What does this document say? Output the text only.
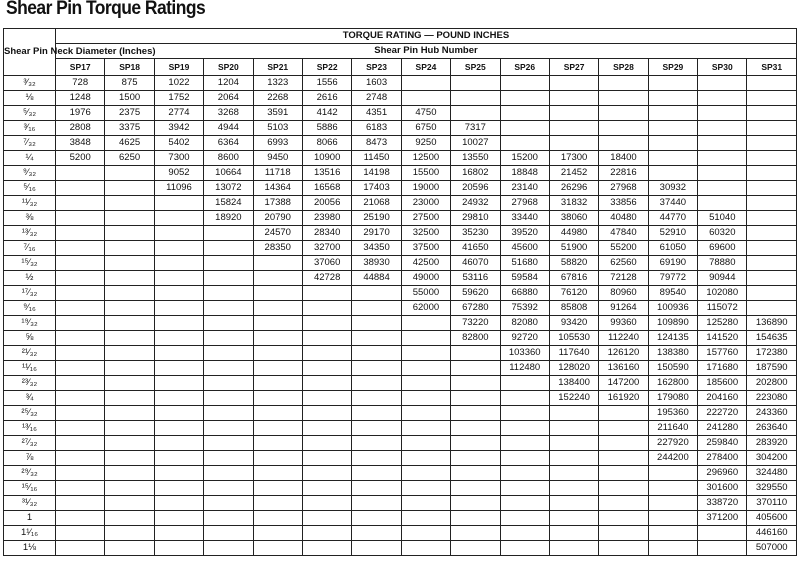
Shear Pin Torque Ratings
Shear Pin Neck Diameter (Inches)	TORQUE RATING — POUND INCHES														
	Shear Pin Hub Number														
	SP17	SP18	SP19	SP20	SP21	SP22	SP23	SP24	SP25	SP26	SP27	SP28	SP29	SP30	SP31
³⁄₃₂	728	875	1022	1204	1323	1556	1603								
⅛	1248	1500	1752	2064	2268	2616	2748								
⁵⁄₃₂	1976	2375	2774	3268	3591	4142	4351	4750							
³⁄₁₆	2808	3375	3942	4944	5103	5886	6183	6750	7317						
⁷⁄₃₂	3848	4625	5402	6364	6993	8066	8473	9250	10027						
¼	5200	6250	7300	8600	9450	10900	11450	12500	13550	15200	17300	18400			
⁹⁄₃₂			9052	10664	11718	13516	14198	15500	16802	18848	21452	22816			
⁵⁄₁₆			11096	13072	14364	16568	17403	19000	20596	23140	26296	27968	30932		
¹¹⁄₃₂				15824	17388	20056	21068	23000	24932	27968	31832	33856	37440		
⅜				18920	20790	23980	25190	27500	29810	33440	38060	40480	44770	51040	
¹³⁄₃₂					24570	28340	29170	32500	35230	39520	44980	47840	52910	60320	
⁷⁄₁₆					28350	32700	34350	37500	41650	45600	51900	55200	61050	69600	
¹⁵⁄₃₂						37060	38930	42500	46070	51680	58820	62560	69190	78880	
½						42728	44884	49000	53116	59584	67816	72128	79772	90944	
¹⁷⁄₃₂								55000	59620	66880	76120	80960	89540	102080	
⁹⁄₁₆								62000	67280	75392	85808	91264	100936	115072	
¹⁹⁄₃₂									73220	82080	93420	99360	109890	125280	136890
⅝									82800	92720	105530	112240	124135	141520	154635
²¹⁄₃₂										103360	117640	126120	138380	157760	172380
¹¹⁄₁₆										112480	128020	136160	150590	171680	187590
²³⁄₃₂											138400	147200	162800	185600	202800
¾											152240	161920	179080	204160	223080
²⁵⁄₃₂													195360	222720	243360
¹³⁄₁₆													211640	241280	263640
²⁷⁄₃₂													227920	259840	283920
⅞													244200	278400	304200
²⁹⁄₃₂														296960	324480
¹⁵⁄₁₆														301600	329550
³¹⁄₃₂														338720	370110
1														371200	405600
1¹⁄₁₆															446160
1⅛															507000
